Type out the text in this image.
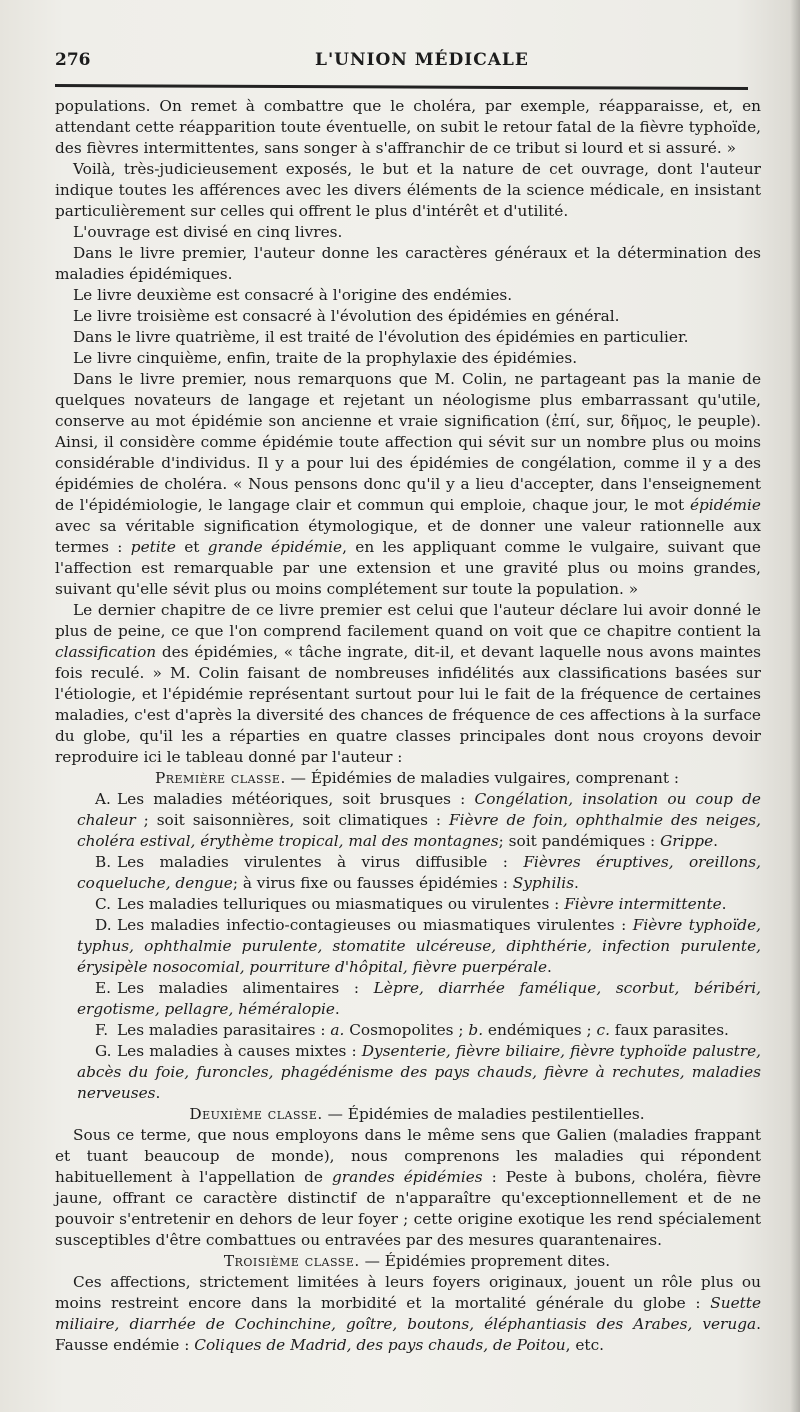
276	L'UNION MÉDICALE

populations. On remet à combattre que le choléra, par exemple, réapparaisse, et, en attendant cette réapparition toute éventuelle, on subit le retour fatal de la fièvre typhoïde, des fièvres intermittentes, sans songer à s'affranchir de ce tribut si lourd et si assuré. »

Voilà, très-judicieusement exposés, le but et la nature de cet ouvrage, dont l'auteur indique toutes les afférences avec les divers éléments de la science médicale, en insistant particulièrement sur celles qui offrent le plus d'intérêt et d'utilité.

L'ouvrage est divisé en cinq livres.

Dans le livre premier, l'auteur donne les caractères généraux et la détermination des maladies épidémiques.

Le livre deuxième est consacré à l'origine des endémies.

Le livre troisième est consacré à l'évolution des épidémies en général.

Dans le livre quatrième, il est traité de l'évolution des épidémies en particulier.

Le livre cinquième, enfin, traite de la prophylaxie des épidémies.

Dans le livre premier, nous remarquons que M. Colin, ne partageant pas la manie de quelques novateurs de langage et rejetant un néologisme plus embarrassant qu'utile, conserve au mot épidémie son ancienne et vraie signification (ἐπί, sur, δῆμος, le peuple). Ainsi, il considère comme épidémie toute affection qui sévit sur un nombre plus ou moins considérable d'individus. Il y a pour lui des épidémies de congélation, comme il y a des épidémies de choléra. « Nous pensons donc qu'il y a lieu d'accepter, dans l'enseignement de l'épidémiologie, le langage clair et commun qui emploie, chaque jour, le mot épidémie avec sa véritable signification étymologique, et de donner une valeur rationnelle aux termes : petite et grande épidémie, en les appliquant comme le vulgaire, suivant que l'affection est remarquable par une extension et une gravité plus ou moins grandes, suivant qu'elle sévit plus ou moins complétement sur toute la population. »

Le dernier chapitre de ce livre premier est celui que l'auteur déclare lui avoir donné le plus de peine, ce que l'on comprend facilement quand on voit que ce chapitre contient la classification des épidémies, « tâche ingrate, dit-il, et devant laquelle nous avons maintes fois reculé. » M. Colin faisant de nombreuses infidélités aux classifications basées sur l'étiologie, et l'épidémie représentant surtout pour lui le fait de la fréquence de certaines maladies, c'est d'après la diversité des chances de fréquence de ces affections à la surface du globe, qu'il les a réparties en quatre classes principales dont nous croyons devoir reproduire ici le tableau donné par l'auteur :

Première classe. — Épidémies de maladies vulgaires, comprenant :

A. Les maladies météoriques, soit brusques : Congélation, insolation ou coup de chaleur ; soit saisonnières, soit climatiques : Fièvre de foin, ophthalmie des neiges, choléra estival, érythème tropical, mal des montagnes; soit pandémiques : Grippe.

B. Les maladies virulentes à virus diffusible : Fièvres éruptives, oreillons, coqueluche, dengue; à virus fixe ou fausses épidémies : Syphilis.

C. Les maladies telluriques ou miasmatiques ou virulentes : Fièvre intermittente.

D. Les maladies infectio-contagieuses ou miasmatiques virulentes : Fièvre typhoïde, typhus, ophthalmie purulente, stomatite ulcéreuse, diphthérie, infection purulente, érysipèle nosocomial, pourriture d'hôpital, fièvre puerpérale.

E. Les maladies alimentaires : Lèpre, diarrhée famélique, scorbut, béribéri, ergotisme, pellagre, héméralopie.

F. Les maladies parasitaires : a. Cosmopolites ; b. endémiques ; c. faux parasites.

G. Les maladies à causes mixtes : Dysenterie, fièvre biliaire, fièvre typhoïde palustre, abcès du foie, furoncles, phagédénisme des pays chauds, fièvre à rechutes, maladies nerveuses.

Deuxième classe. — Épidémies de maladies pestilentielles.

Sous ce terme, que nous employons dans le même sens que Galien (maladies frappant et tuant beaucoup de monde), nous comprenons les maladies qui répondent habituellement à l'appellation de grandes épidémies : Peste à bubons, choléra, fièvre jaune, offrant ce caractère distinctif de n'apparaître qu'exceptionnellement et de ne pouvoir s'entretenir en dehors de leur foyer ; cette origine exotique les rend spécialement susceptibles d'être combattues ou entravées par des mesures quarantenaires.

Troisième classe. — Épidémies proprement dites.

Ces affections, strictement limitées à leurs foyers originaux, jouent un rôle plus ou moins restreint encore dans la morbidité et la mortalité générale du globe : Suette miliaire, diarrhée de Cochinchine, goître, boutons, éléphantiasis des Arabes, veruga. Fausse endémie : Coliques de Madrid, des pays chauds, de Poitou, etc.
